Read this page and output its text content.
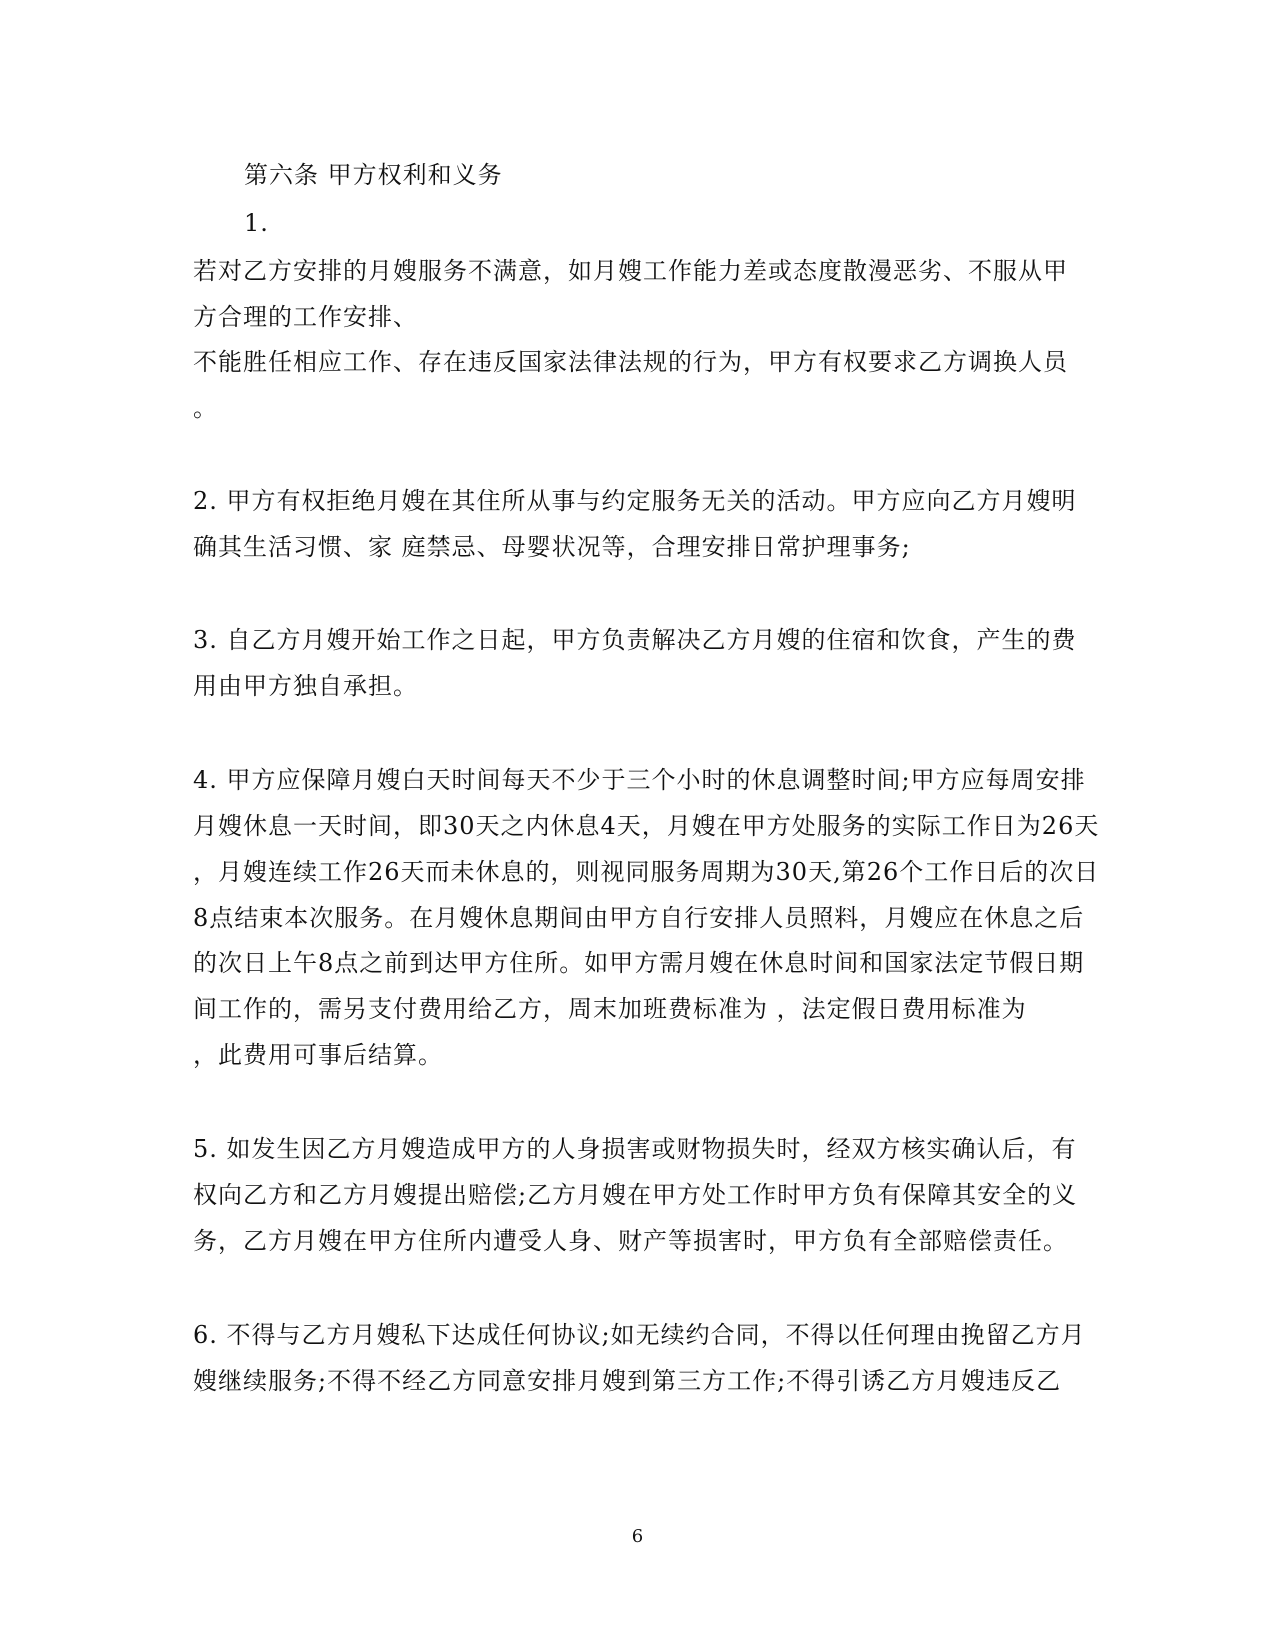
第六条 甲方权利和义务
1.
若对乙方安排的月嫂服务不满意，如月嫂工作能力差或态度散漫恶劣、不服从甲
方合理的工作安排、
不能胜任相应工作、存在违反国家法律法规的行为，甲方有权要求乙方调换人员
。
2. 甲方有权拒绝月嫂在其住所从事与约定服务无关的活动。甲方应向乙方月嫂明
确其生活习惯、家 庭禁忌、母婴状况等，合理安排日常护理事务;
3. 自乙方月嫂开始工作之日起，甲方负责解决乙方月嫂的住宿和饮食，产生的费
用由甲方独自承担。
4. 甲方应保障月嫂白天时间每天不少于三个小时的休息调整时间;甲方应每周安排
月嫂休息一天时间，即30天之内休息4天，月嫂在甲方处服务的实际工作日为26天
，月嫂连续工作26天而未休息的，则视同服务周期为30天,第26个工作日后的次日
8点结束本次服务。在月嫂休息期间由甲方自行安排人员照料，月嫂应在休息之后
的次日上午8点之前到达甲方住所。如甲方需月嫂在休息时间和国家法定节假日期
间工作的，需另支付费用给乙方，周末加班费标准为 ，法定假日费用标准为
，此费用可事后结算。
5. 如发生因乙方月嫂造成甲方的人身损害或财物损失时，经双方核实确认后，有
权向乙方和乙方月嫂提出赔偿;乙方月嫂在甲方处工作时甲方负有保障其安全的义
务，乙方月嫂在甲方住所内遭受人身、财产等损害时，甲方负有全部赔偿责任。
6. 不得与乙方月嫂私下达成任何协议;如无续约合同，不得以任何理由挽留乙方月
嫂继续服务;不得不经乙方同意安排月嫂到第三方工作;不得引诱乙方月嫂违反乙
6
